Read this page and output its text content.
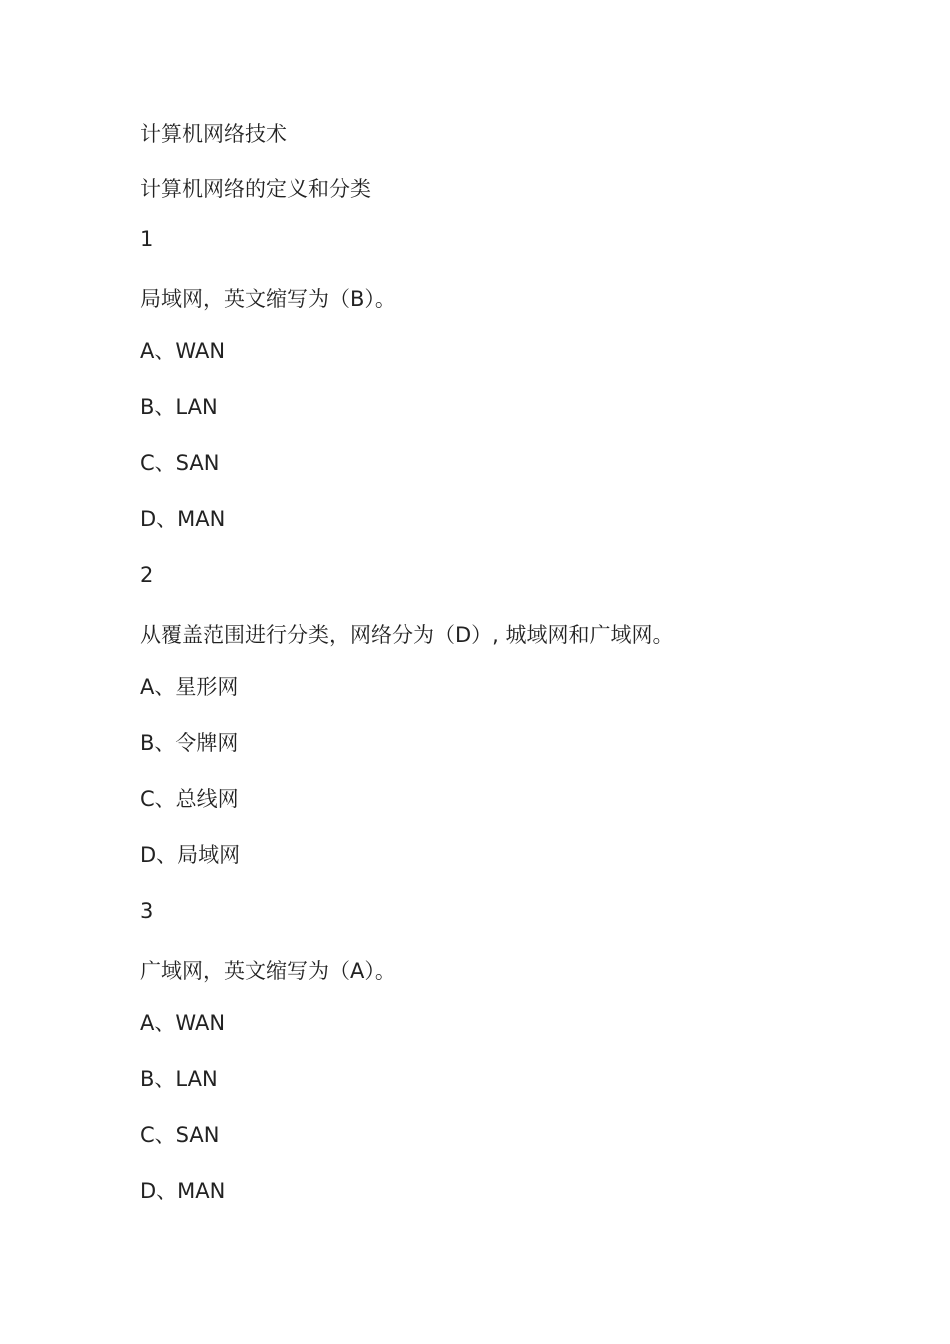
计算机网络技术
计算机网络的定义和分类
1
局域网，英文缩写为（B）。
A、WAN
B、LAN
C、SAN
D、MAN
2
从覆盖范围进行分类，网络分为（D）, 城域网和广域网。
A、星形网
B、令牌网
C、总线网
D、局域网
3
广域网，英文缩写为（A）。
A、WAN
B、LAN
C、SAN
D、MAN
